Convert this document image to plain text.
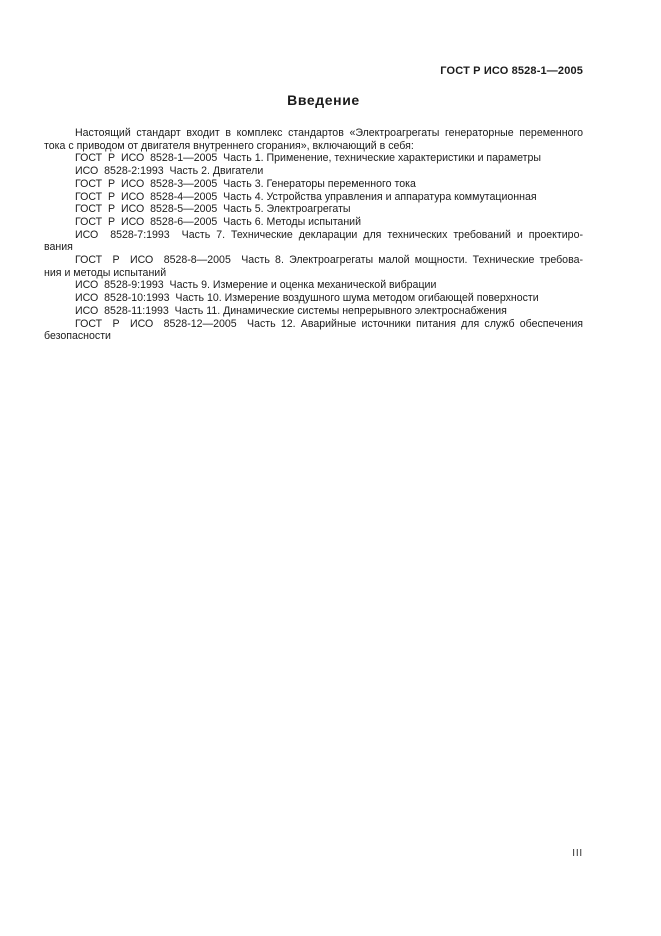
ГОСТ Р ИСО 8528-1—2005
Введение
Настоящий стандарт входит в комплекс стандартов «Электроагрегаты генераторные переменного
тока с приводом от двигателя внутреннего сгорания», включающий в себя:
ГОСТ  Р  ИСО  8528-1—2005  Часть 1. Применение, технические характеристики и параметры
ИСО  8528-2:1993  Часть 2. Двигатели
ГОСТ  Р  ИСО  8528-3—2005  Часть 3. Генераторы переменного тока
ГОСТ  Р  ИСО  8528-4—2005  Часть 4. Устройства управления и аппаратура коммутационная
ГОСТ  Р  ИСО  8528-5—2005  Часть 5. Электроагрегаты
ГОСТ  Р  ИСО  8528-6—2005  Часть 6. Методы испытаний
ИСО  8528-7:1993  Часть 7. Технические декларации для технических требований и проектиро-
вания
ГОСТ  Р  ИСО  8528-8—2005  Часть 8. Электроагрегаты малой мощности. Технические требова-
ния и методы испытаний
ИСО  8528-9:1993  Часть 9. Измерение и оценка механической вибрации
ИСО  8528-10:1993  Часть 10. Измерение воздушного шума методом огибающей поверхности
ИСО  8528-11:1993  Часть 11. Динамические системы непрерывного электроснабжения
ГОСТ  Р  ИСО  8528-12—2005  Часть 12. Аварийные источники питания для служб обеспечения
безопасности
III
